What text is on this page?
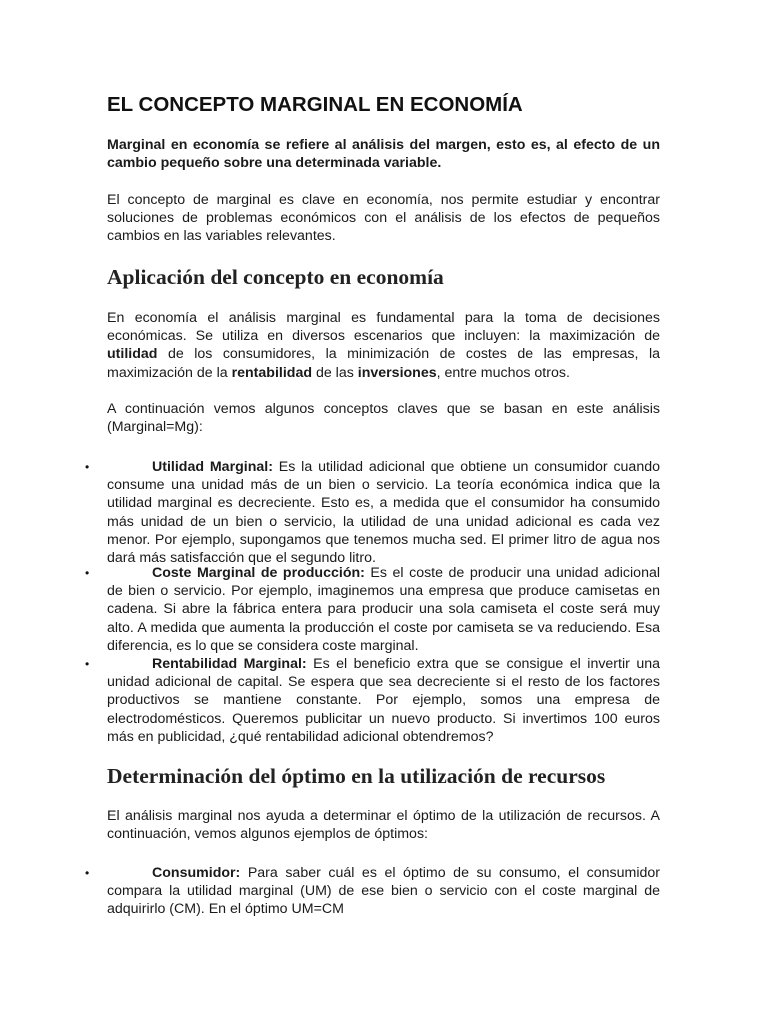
•
•
•
•
EL CONCEPTO MARGINAL EN ECONOMÍA

Marginal en economía se refiere al análisis del margen, esto es, al efecto de un cambio pequeño sobre una determinada variable.

El concepto de marginal es clave en economía, nos permite estudiar y encontrar soluciones de problemas económicos con el análisis de los efectos de pequeños cambios en las variables relevantes.

Aplicación del concepto en economía

En economía el análisis marginal es fundamental para la toma de decisiones económicas. Se utiliza en diversos escenarios que incluyen: la maximización de utilidad de los consumidores, la minimización de costes de las empresas, la maximización de la rentabilidad de las inversiones, entre muchos otros.

A continuación vemos algunos conceptos claves que se basan en este análisis (Marginal=Mg):

Utilidad Marginal: Es la utilidad adicional que obtiene un consumidor cuando consume una unidad más de un bien o servicio. La teoría económica indica que la utilidad marginal es decreciente. Esto es, a medida que el consumidor ha consumido más unidad de un bien o servicio, la utilidad de una unidad adicional es cada vez menor. Por ejemplo, supongamos que tenemos mucha sed. El primer litro de agua nos dará más satisfacción que el segundo litro.

Coste Marginal de producción: Es el coste de producir una unidad adicional de bien o servicio. Por ejemplo, imaginemos una empresa que produce camisetas en cadena. Si abre la fábrica entera para producir una sola camiseta el coste será muy alto. A medida que aumenta la producción el coste por camiseta se va reduciendo. Esa diferencia, es lo que se considera coste marginal.

Rentabilidad Marginal: Es el beneficio extra que se consigue el invertir una unidad adicional de capital. Se espera que sea decreciente si el resto de los factores productivos se mantiene constante. Por ejemplo, somos una empresa de electrodomésticos. Queremos publicitar un nuevo producto. Si invertimos 100 euros más en publicidad, ¿qué rentabilidad adicional obtendremos?

Determinación del óptimo en la utilización de recursos

El análisis marginal nos ayuda a determinar el óptimo de la utilización de recursos. A continuación, vemos algunos ejemplos de óptimos:

Consumidor: Para saber cuál es el óptimo de su consumo, el consumidor compara la utilidad marginal (UM) de ese bien o servicio con el coste marginal de adquirirlo (CM). En el óptimo UM=CM
